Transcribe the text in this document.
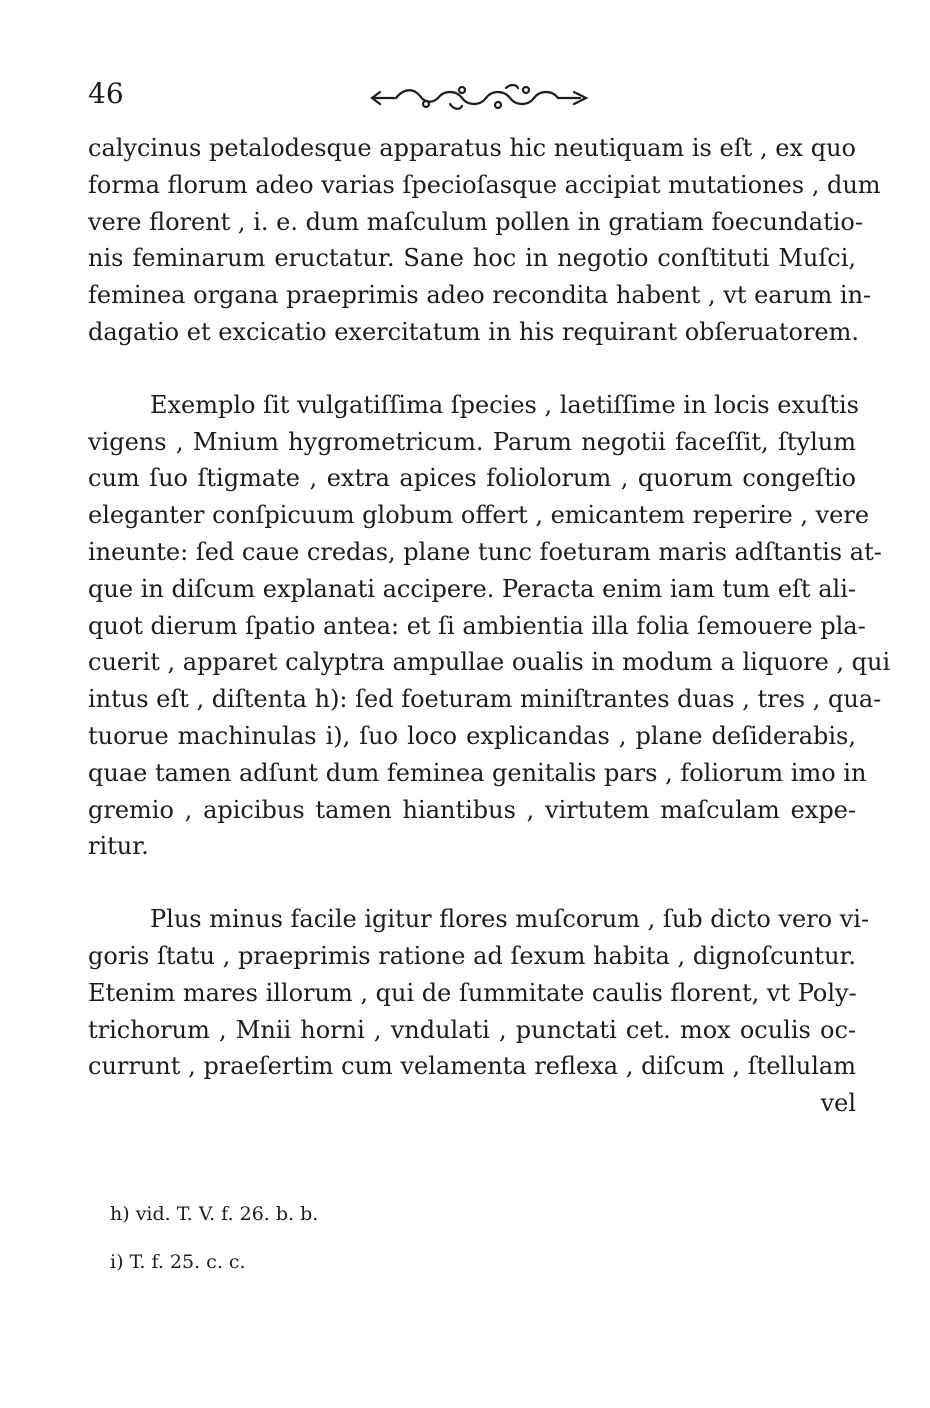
46
calycinus petalodesque apparatus hic neutiquam is eſt , ex quo
forma florum adeo varias ſpecioſasque accipiat mutationes , dum
vere florent , i. e. dum maſculum pollen in gratiam foecundatio-
nis feminarum eructatur. Sane hoc in negotio conſtituti Muſci,
feminea organa praeprimis adeo recondita habent , vt earum in-
dagatio et excicatio exercitatum in his requirant obſeruatorem.
Exemplo ſit vulgatiſſima ſpecies , laetiſſime in locis exuſtis
vigens , Mnium hygrometricum. Parum negotii faceſſit, ſtylum
cum ſuo ſtigmate , extra apices foliolorum , quorum congeſtio
eleganter conſpicuum globum offert , emicantem reperire , vere
ineunte: ſed caue credas, plane tunc foeturam maris adſtantis at-
que in diſcum explanati accipere. Peracta enim iam tum eſt ali-
quot dierum ſpatio antea: et ſi ambientia illa folia ſemouere pla-
cuerit , apparet calyptra ampullae oualis in modum a liquore , qui
intus eſt , diſtenta h): ſed foeturam miniſtrantes duas , tres , qua-
tuorue machinulas i), ſuo loco explicandas , plane deſiderabis,
quae tamen adſunt dum feminea genitalis pars , foliorum imo in
gremio , apicibus tamen hiantibus , virtutem maſculam expe-
ritur.
Plus minus facile igitur flores muſcorum , ſub dicto vero vi-
goris ſtatu , praeprimis ratione ad ſexum habita , dignoſcuntur.
Etenim mares illorum , qui de ſummitate caulis florent, vt Poly-
trichorum , Mnii horni , vndulati , punctati cet. mox oculis oc-
currunt , praeſertim cum velamenta reflexa , diſcum , ſtellulam
vel
h) vid. T. V. f. 26. b. b.
i) T. f. 25. c. c.
